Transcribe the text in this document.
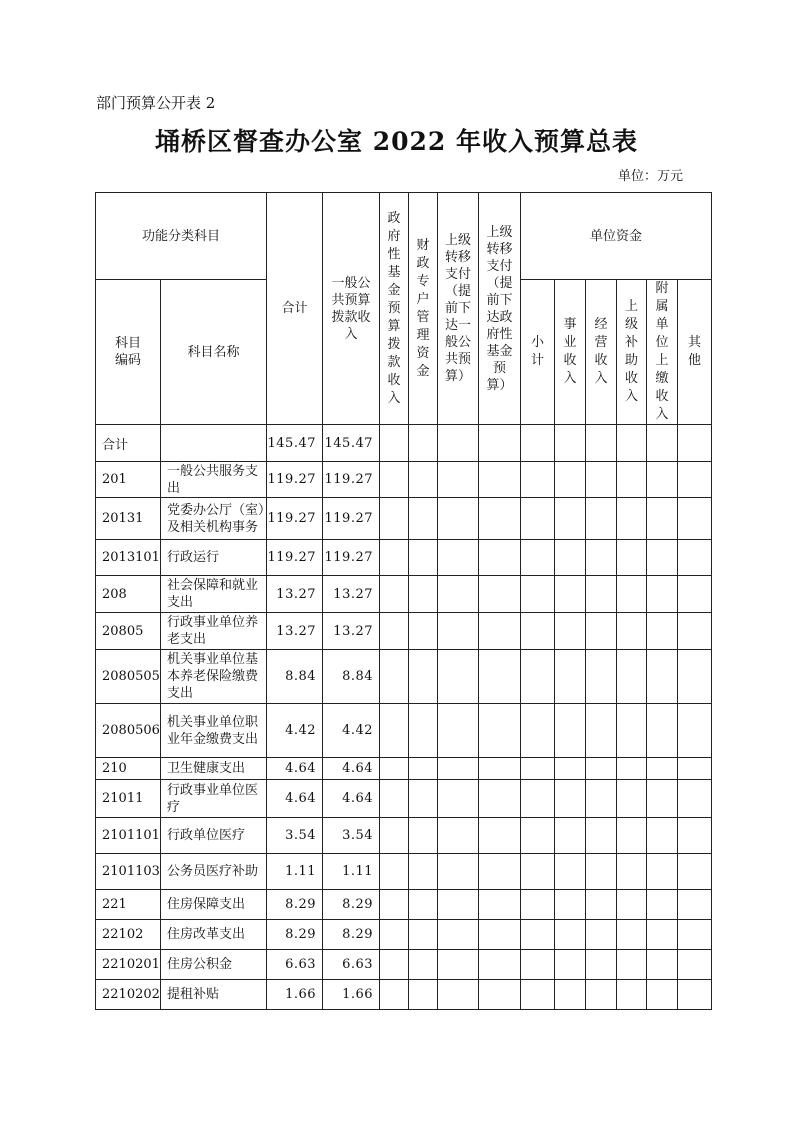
部门预算公开表 2
埇桥区督查办公室 2022 年收入预算总表
单位：万元
功能分类科目		合计	一般公共预算拨款收入	政府性基金预算拨款收入	财政专户管理资金	上级转移支付（提前下达一般公共预算）	上级转移支付（提前下达政府性基金预算）	单位资金					
科目编码	科目名称							小计	事业收入	经营收入	上级补助收入	附属单位上缴收入	其他
合计		145.47	145.47										
201	一般公共服务支出	119.27	119.27										
20131	党委办公厅（室）及相关机构事务	119.27	119.27										
2013101	行政运行	119.27	119.27										
208	社会保障和就业支出	13.27	13.27										
20805	行政事业单位养老支出	13.27	13.27										
2080505	机关事业单位基本养老保险缴费支出	8.84	8.84										
2080506	机关事业单位职业年金缴费支出	4.42	4.42										
210	卫生健康支出	4.64	4.64										
21011	行政事业单位医疗	4.64	4.64										
2101101	行政单位医疗	3.54	3.54										
2101103	公务员医疗补助	1.11	1.11										
221	住房保障支出	8.29	8.29										
22102	住房改革支出	8.29	8.29										
2210201	住房公积金	6.63	6.63										
2210202	提租补贴	1.66	1.66										
